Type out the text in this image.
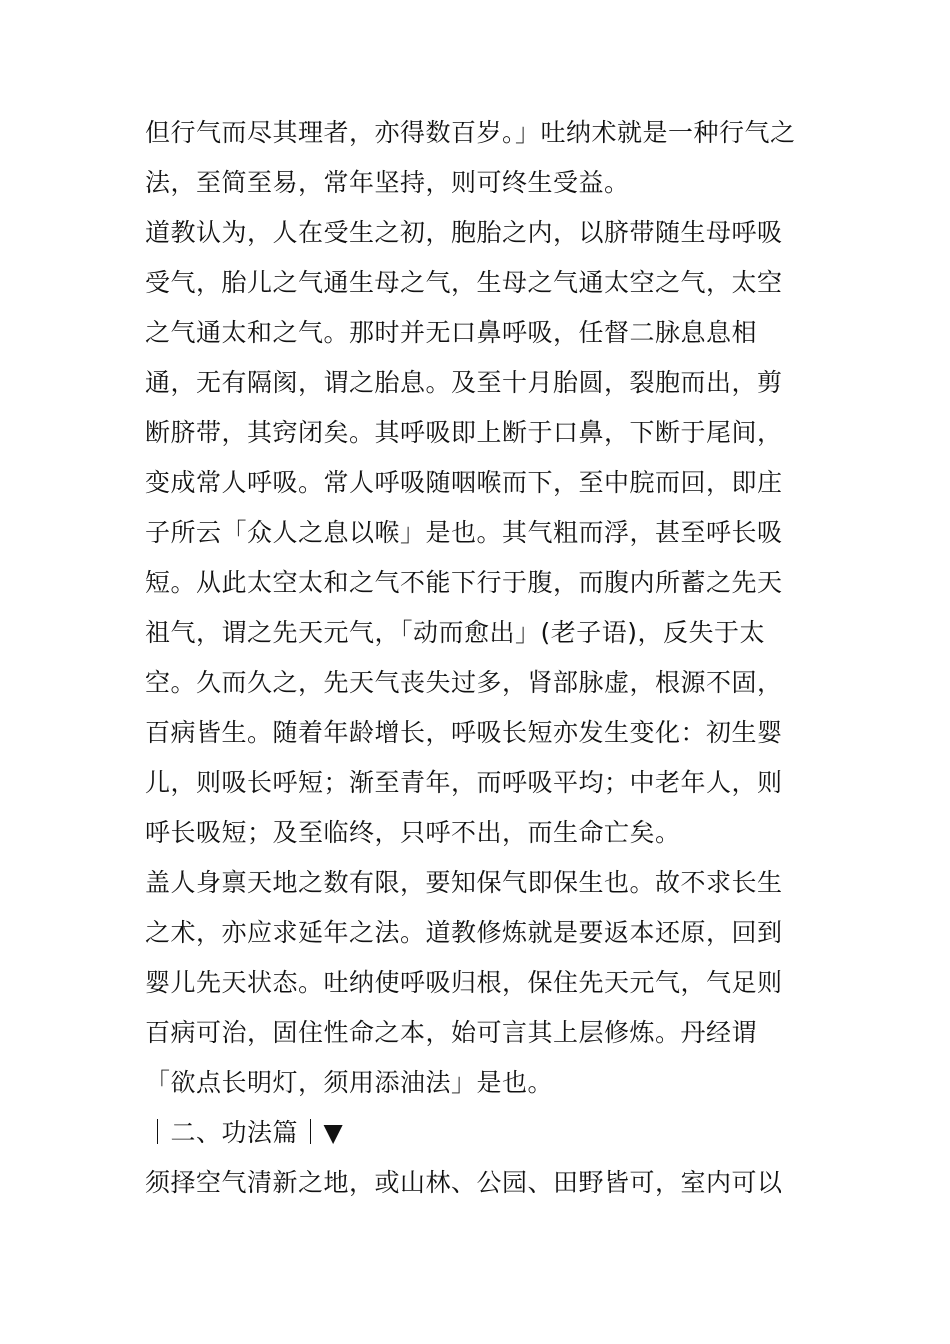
但行气而尽其理者，亦得数百岁。」吐纳术就是一种行气之
法，至简至易，常年坚持，则可终生受益。
道教认为，人在受生之初，胞胎之内，以脐带随生母呼吸
受气，胎儿之气通生母之气，生母之气通太空之气，太空
之气通太和之气。那时并无口鼻呼吸，任督二脉息息相
通，无有隔阂，谓之胎息。及至十月胎圆，裂胞而出，剪
断脐带，其窍闭矣。其呼吸即上断于口鼻，下断于尾间，
变成常人呼吸。常人呼吸随咽喉而下，至中脘而回，即庄
子所云「众人之息以喉」是也。其气粗而浮，甚至呼长吸
短。从此太空太和之气不能下行于腹，而腹内所蓄之先天
祖气，谓之先天元气，「动而愈出」(老子语)，反失于太
空。久而久之，先天气丧失过多，肾部脉虚，根源不固，
百病皆生。随着年龄增长，呼吸长短亦发生变化：初生婴
儿，则吸长呼短；渐至青年，而呼吸平均；中老年人，则
呼长吸短；及至临终，只呼不出，而生命亡矣。
盖人身禀天地之数有限，要知保气即保生也。故不求长生
之术，亦应求延年之法。道教修炼就是要返本还原，回到
婴儿先天状态。吐纳使呼吸归根，保住先天元气，气足则
百病可治，固住性命之本，始可言其上层修炼。丹经谓
「欲点长明灯，须用添油法」是也。
｜二、功法篇｜▼
须择空气清新之地，或山林、公园、田野皆可，室内可以
